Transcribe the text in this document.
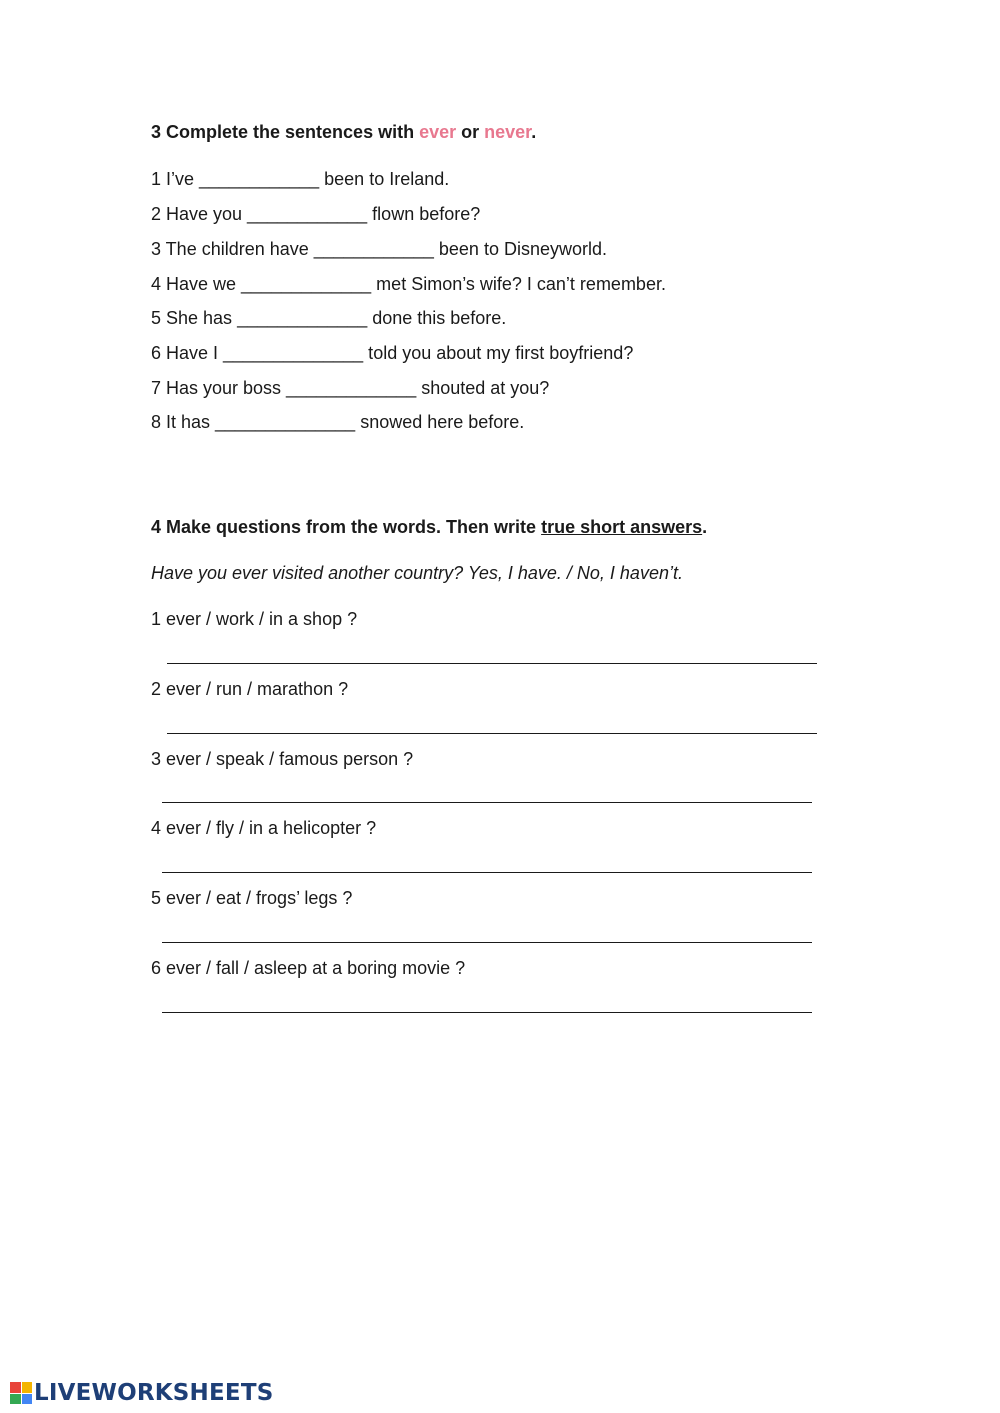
3 Complete the sentences with ever or never.
1 I’ve ____________ been to Ireland.
2 Have you ____________ flown before?
3 The children have ____________ been to Disneyworld.
4 Have we _____________ met Simon’s wife? I can’t remember.
5 She has _____________ done this before.
6 Have I ______________ told you about my first boyfriend?
7 Has your boss _____________ shouted at you?
8 It has ______________ snowed here before.
4 Make questions from the words. Then write true short answers.
Have you ever visited another country? Yes, I have. / No, I haven’t.
1 ever / work / in a shop ?
2 ever / run / marathon ?
3 ever / speak / famous person ?
4 ever / fly / in a helicopter ?
5 ever / eat / frogs’ legs ?
6 ever / fall / asleep at a boring movie ?
LIVEWORKSHEETS
